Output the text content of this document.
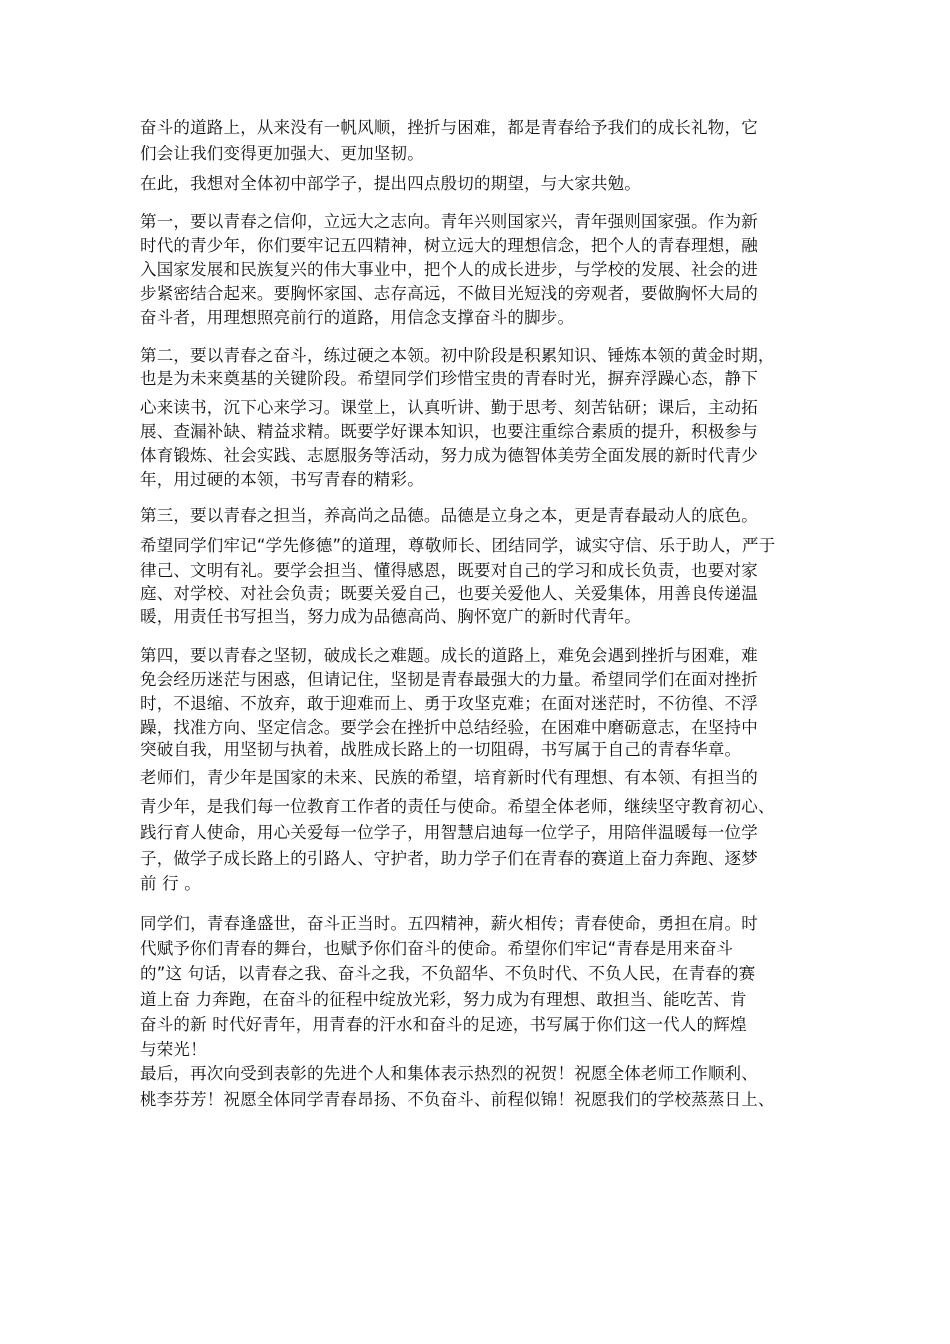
奋斗的道路上，从来没有一帆风顺，挫折与困难，都是青春给予我们的成长礼物，它
们会让我们变得更加强大、更加坚韧。
在此，我想对全体初中部学子，提出四点殷切的期望，与大家共勉。
第一，要以青春之信仰，立远大之志向。青年兴则国家兴，青年强则国家强。作为新
时代的青少年，你们要牢记五四精神，树立远大的理想信念，把个人的青春理想，融
入国家发展和民族复兴的伟大事业中，把个人的成长进步，与学校的发展、社会的进
步紧密结合起来。要胸怀家国、志存高远，不做目光短浅的旁观者，要做胸怀大局的
奋斗者，用理想照亮前行的道路，用信念支撑奋斗的脚步。
第二，要以青春之奋斗，练过硬之本领。初中阶段是积累知识、锤炼本领的黄金时期，
也是为未来奠基的关键阶段。希望同学们珍惜宝贵的青春时光，摒弃浮躁心态，静下
心来读书，沉下心来学习。课堂上，认真听讲、勤于思考、刻苦钻研；课后，主动拓
展、查漏补缺、精益求精。既要学好课本知识，也要注重综合素质的提升，积极参与
体育锻炼、社会实践、志愿服务等活动，努力成为德智体美劳全面发展的新时代青少
年，用过硬的本领，书写青春的精彩。
第三，要以青春之担当，养高尚之品德。品德是立身之本，更是青春最动人的底色。
希望同学们牢记“学先修德”的道理，尊敬师长、团结同学，诚实守信、乐于助人，严于
律己、文明有礼。要学会担当、懂得感恩，既要对自己的学习和成长负责，也要对家
庭、对学校、对社会负责；既要关爱自己，也要关爱他人、关爱集体，用善良传递温
暖，用责任书写担当，努力成为品德高尚、胸怀宽广的新时代青年。
第四，要以青春之坚韧，破成长之难题。成长的道路上，难免会遇到挫折与困难，难
免会经历迷茫与困惑，但请记住，坚韧是青春最强大的力量。希望同学们在面对挫折
时，不退缩、不放弃，敢于迎难而上、勇于攻坚克难；在面对迷茫时，不彷徨、不浮
躁，找准方向、坚定信念。要学会在挫折中总结经验，在困难中磨砺意志，在坚持中
突破自我，用坚韧与执着，战胜成长路上的一切阻碍，书写属于自己的青春华章。
老师们，青少年是国家的未来、民族的希望，培育新时代有理想、有本领、有担当的
青少年，是我们每一位教育工作者的责任与使命。希望全体老师，继续坚守教育初心、
践行育人使命，用心关爱每一位学子，用智慧启迪每一位学子，用陪伴温暖每一位学
子，做学子成长路上的引路人、守护者，助力学子们在青春的赛道上奋力奔跑、逐梦
前 行 。
同学们，青春逢盛世，奋斗正当时。五四精神，薪火相传；青春使命，勇担在肩。时
代赋予你们青春的舞台，也赋予你们奋斗的使命。希望你们牢记“青春是用来奋斗
的”这 句话，以青春之我、奋斗之我，不负韶华、不负时代、不负人民，在青春的赛
道上奋 力奔跑，在奋斗的征程中绽放光彩，努力成为有理想、敢担当、能吃苦、肯
奋斗的新 时代好青年，用青春的汗水和奋斗的足迹，书写属于你们这一代人的辉煌
与荣光！
最后，再次向受到表彰的先进个人和集体表示热烈的祝贺！祝愿全体老师工作顺利、
桃李芬芳！祝愿全体同学青春昂扬、不负奋斗、前程似锦！祝愿我们的学校蒸蒸日上、
